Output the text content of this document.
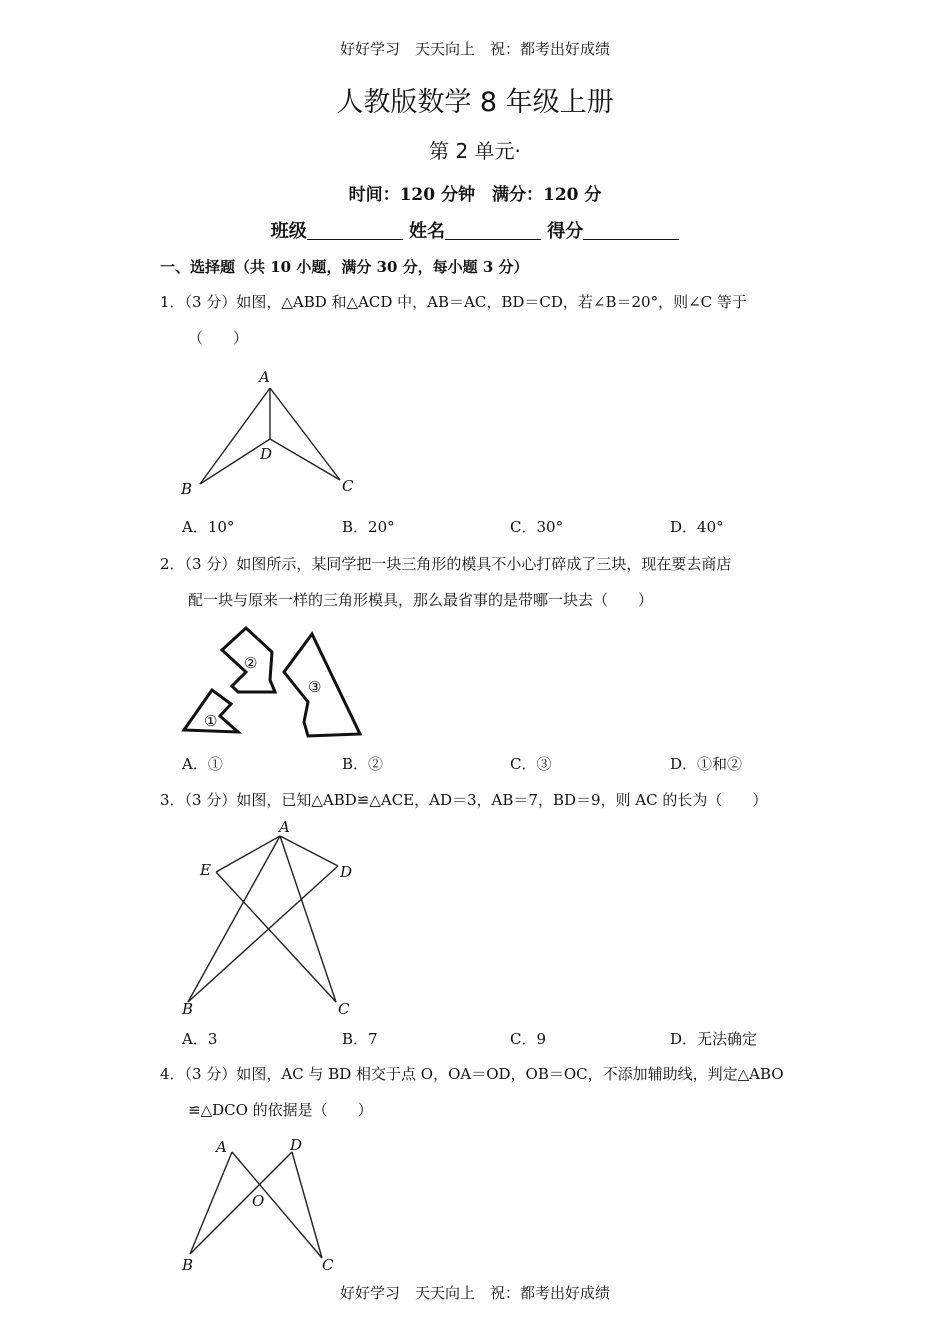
好好学习　天天向上　祝：都考出好成绩
人教版数学 8 年级上册
第 2 单元·
时间：120 分钟　满分：120 分
班级	姓名	得分
一、选择题（共 10 小题，满分 30 分，每小题 3 分）
1．（3 分）如图，△ABD 和△ACD 中，AB＝AC，BD＝CD，若∠B＝20°，则∠C 等于
（　　）
A
B	C
D
A．10°	B．20°	C．30°	D．40°
2．（3 分）如图所示，某同学把一块三角形的模具不小心打碎成了三块，现在要去商店
配一块与原来一样的三角形模具，那么最省事的是带哪一块去（　　）
①
②
③
A．①	B．②	C．③	D．①和②
3．（3 分）如图，已知△ABD≌△ACE，AD＝3，AB＝7，BD＝9，则 AC 的长为（　　）
A
B	C
D
E
A．3	B．7	C．9	D．无法确定
4．（3 分）如图，AC 与 BD 相交于点 O，OA＝OD，OB＝OC，不添加辅助线，判定△ABO
≌△DCO 的依据是（　　）
A	D
O
B	C
好好学习　天天向上　祝：都考出好成绩
